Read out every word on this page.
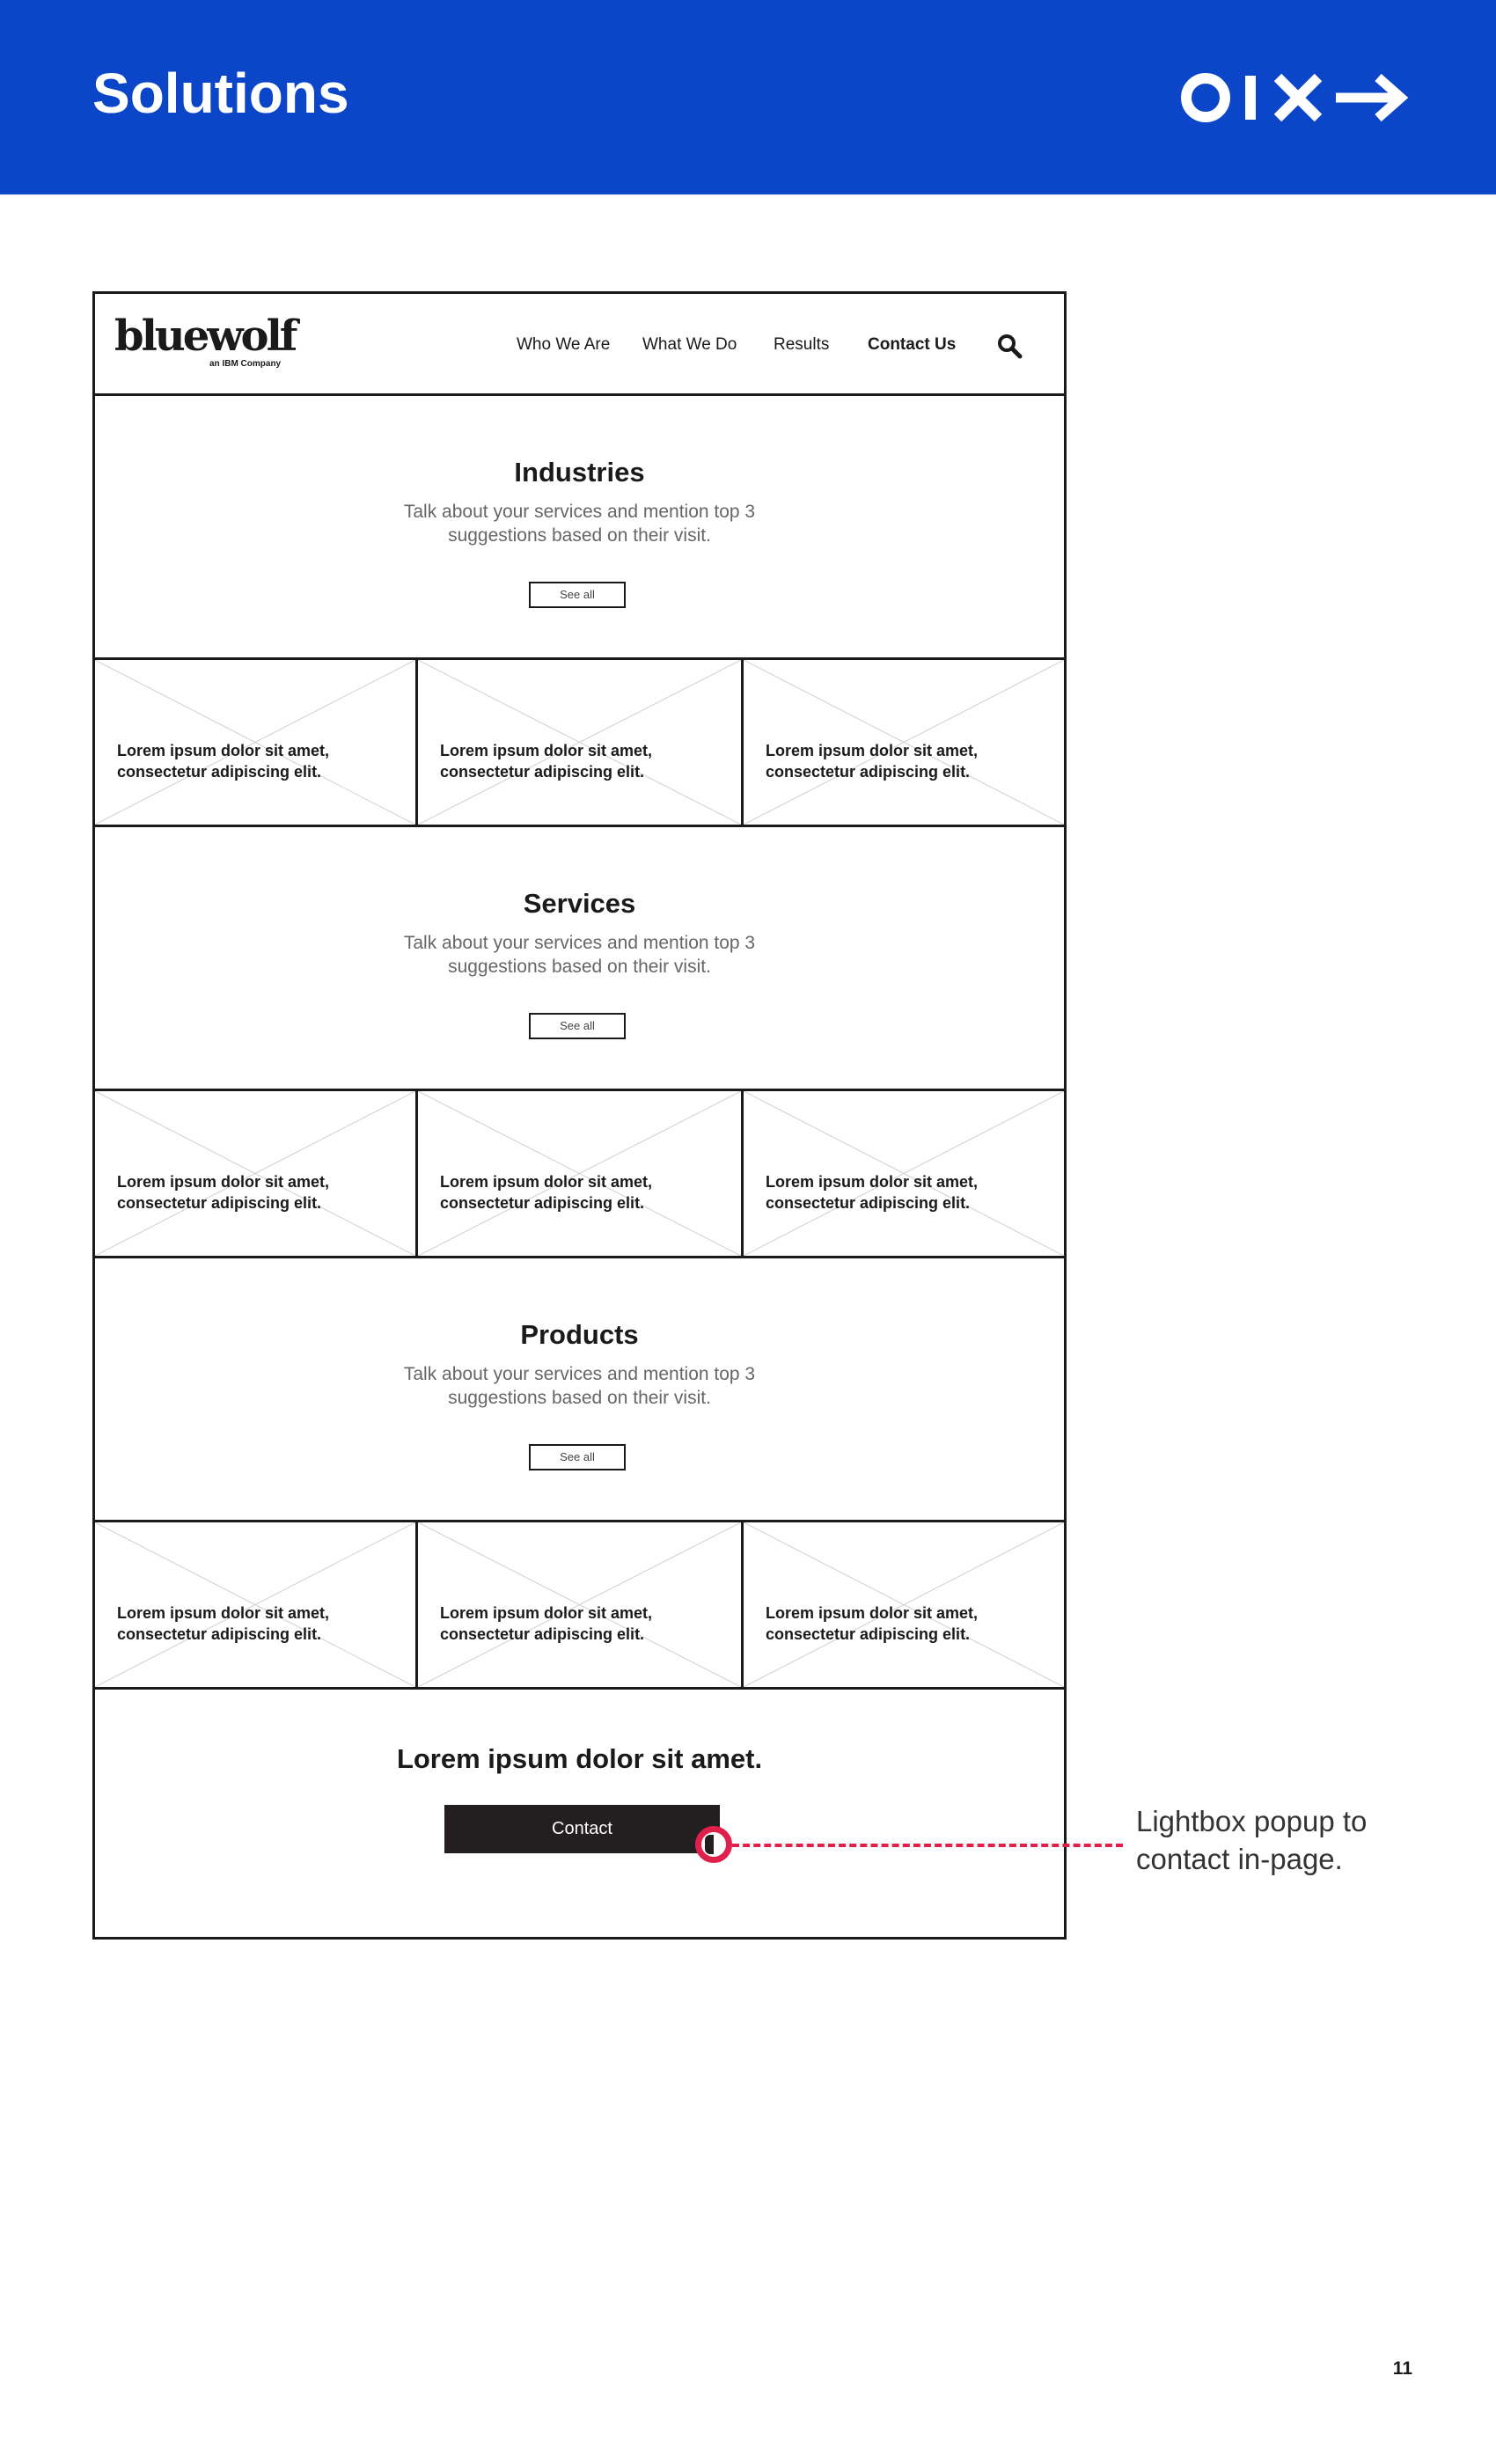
Solutions
bluewolf
an IBM Company
Who We Are What We Do Results Contact Us
Industries
Talk about your services and mention top 3
suggestions based on their visit.
See all
Lorem ipsum dolor sit amet,
consectetur adipiscing elit.
Lorem ipsum dolor sit amet,
consectetur adipiscing elit.
Lorem ipsum dolor sit amet,
consectetur adipiscing elit.
Services
Talk about your services and mention top 3
suggestions based on their visit.
See all
Lorem ipsum dolor sit amet,
consectetur adipiscing elit.
Lorem ipsum dolor sit amet,
consectetur adipiscing elit.
Lorem ipsum dolor sit amet,
consectetur adipiscing elit.
Products
Talk about your services and mention top 3
suggestions based on their visit.
See all
Lorem ipsum dolor sit amet,
consectetur adipiscing elit.
Lorem ipsum dolor sit amet,
consectetur adipiscing elit.
Lorem ipsum dolor sit amet,
consectetur adipiscing elit.
Lorem ipsum dolor sit amet.
Contact	Lightbox popup to
contact in-page.
11
